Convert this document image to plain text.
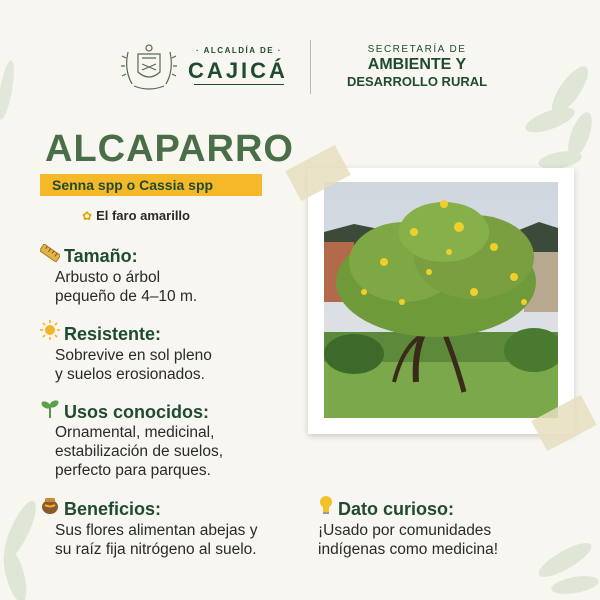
· ALCALDÍA DE ·
CAJICÁ
SECRETARÍA DE
AMBIENTE Y
DESARROLLO RURAL
ALCAPARRO
Senna spp o Cassia spp
✿ El faro amarillo
Tamaño:
Arbusto o árbol
pequeño de 4–10 m.
Resistente:
Sobrevive en sol pleno
y suelos erosionados.
Usos conocidos:
Ornamental, medicinal,
estabilización de suelos,
perfecto para parques.
Beneficios:
Sus flores alimentan abejas y
su raíz fija nitrógeno al suelo.
Dato curioso:
¡Usado por comunidades
indígenas como medicina!
